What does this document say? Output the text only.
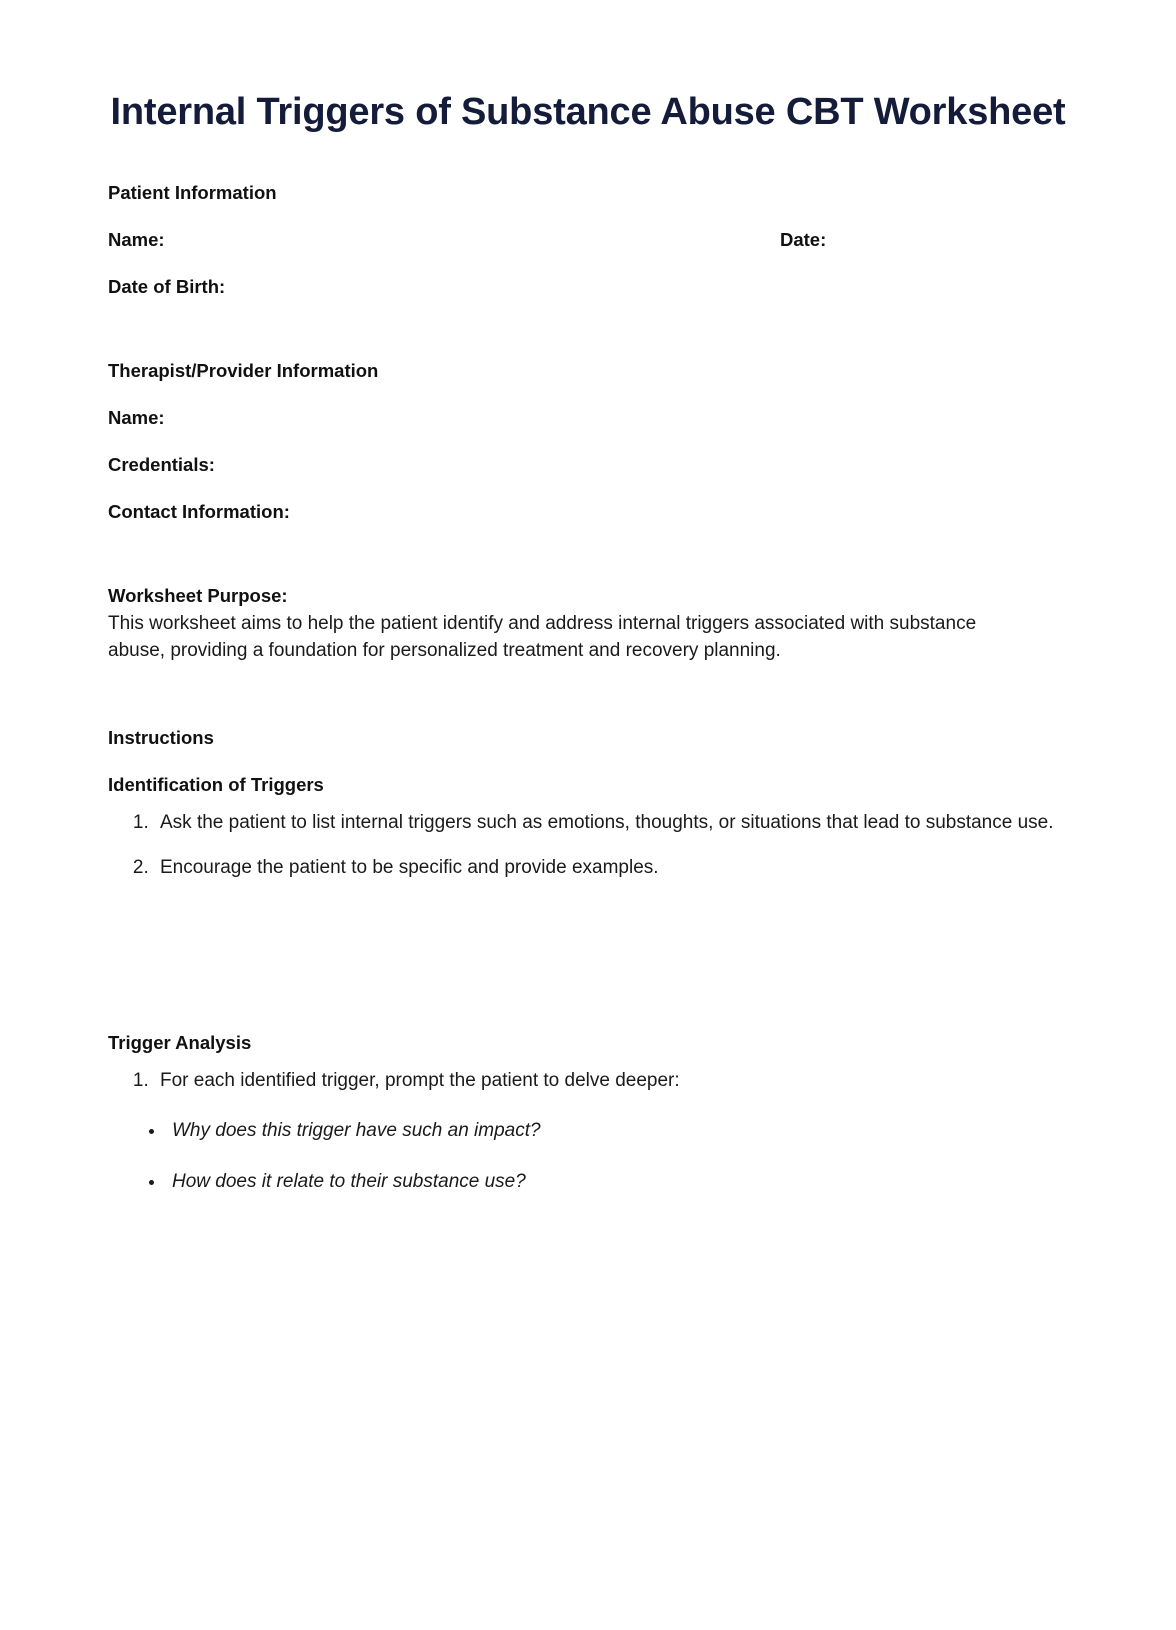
Internal Triggers of Substance Abuse CBT Worksheet

Patient Information

Name:	Date:

Date of Birth:

Therapist/Provider Information

Name:

Credentials:

Contact Information:

Worksheet Purpose:

This worksheet aims to help the patient identify and address internal triggers associated with substance abuse, providing a foundation for personalized treatment and recovery planning.

Instructions

Identification of Triggers

1. Ask the patient to list internal triggers such as emotions, thoughts, or situations that lead to substance use.
2. Encourage the patient to be specific and provide examples.

Trigger Analysis

1. For each identified trigger, prompt the patient to delve deeper:
• Why does this trigger have such an impact?
• How does it relate to their substance use?
